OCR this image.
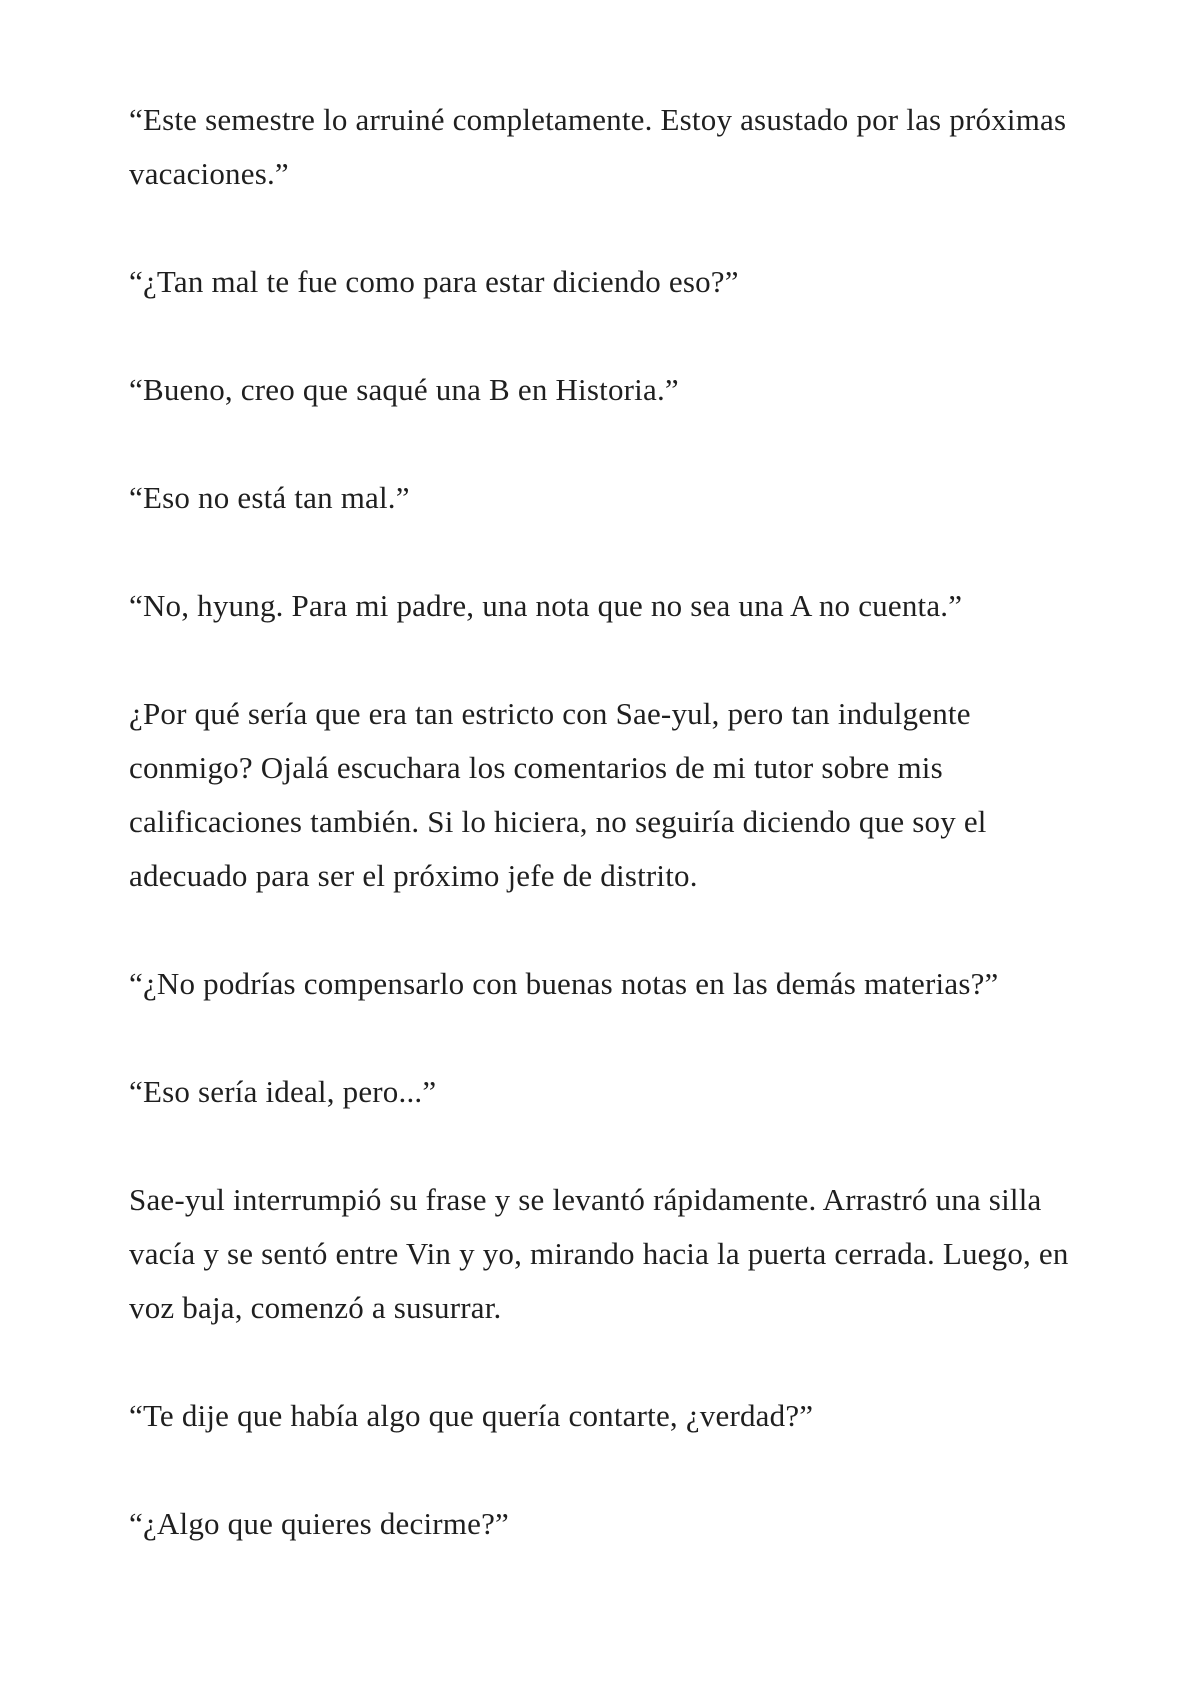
“Este semestre lo arruiné completamente. Estoy asustado por las próximas vacaciones.”

“¿Tan mal te fue como para estar diciendo eso?”

“Bueno, creo que saqué una B en Historia.”

“Eso no está tan mal.”

“No, hyung. Para mi padre, una nota que no sea una A no cuenta.”

¿Por qué sería que era tan estricto con Sae-yul, pero tan indulgente conmigo? Ojalá escuchara los comentarios de mi tutor sobre mis calificaciones también. Si lo hiciera, no seguiría diciendo que soy el adecuado para ser el próximo jefe de distrito.

“¿No podrías compensarlo con buenas notas en las demás materias?”

“Eso sería ideal, pero...”

Sae-yul interrumpió su frase y se levantó rápidamente. Arrastró una silla vacía y se sentó entre Vin y yo, mirando hacia la puerta cerrada. Luego, en voz baja, comenzó a susurrar.

“Te dije que había algo que quería contarte, ¿verdad?”

“¿Algo que quieres decirme?”
